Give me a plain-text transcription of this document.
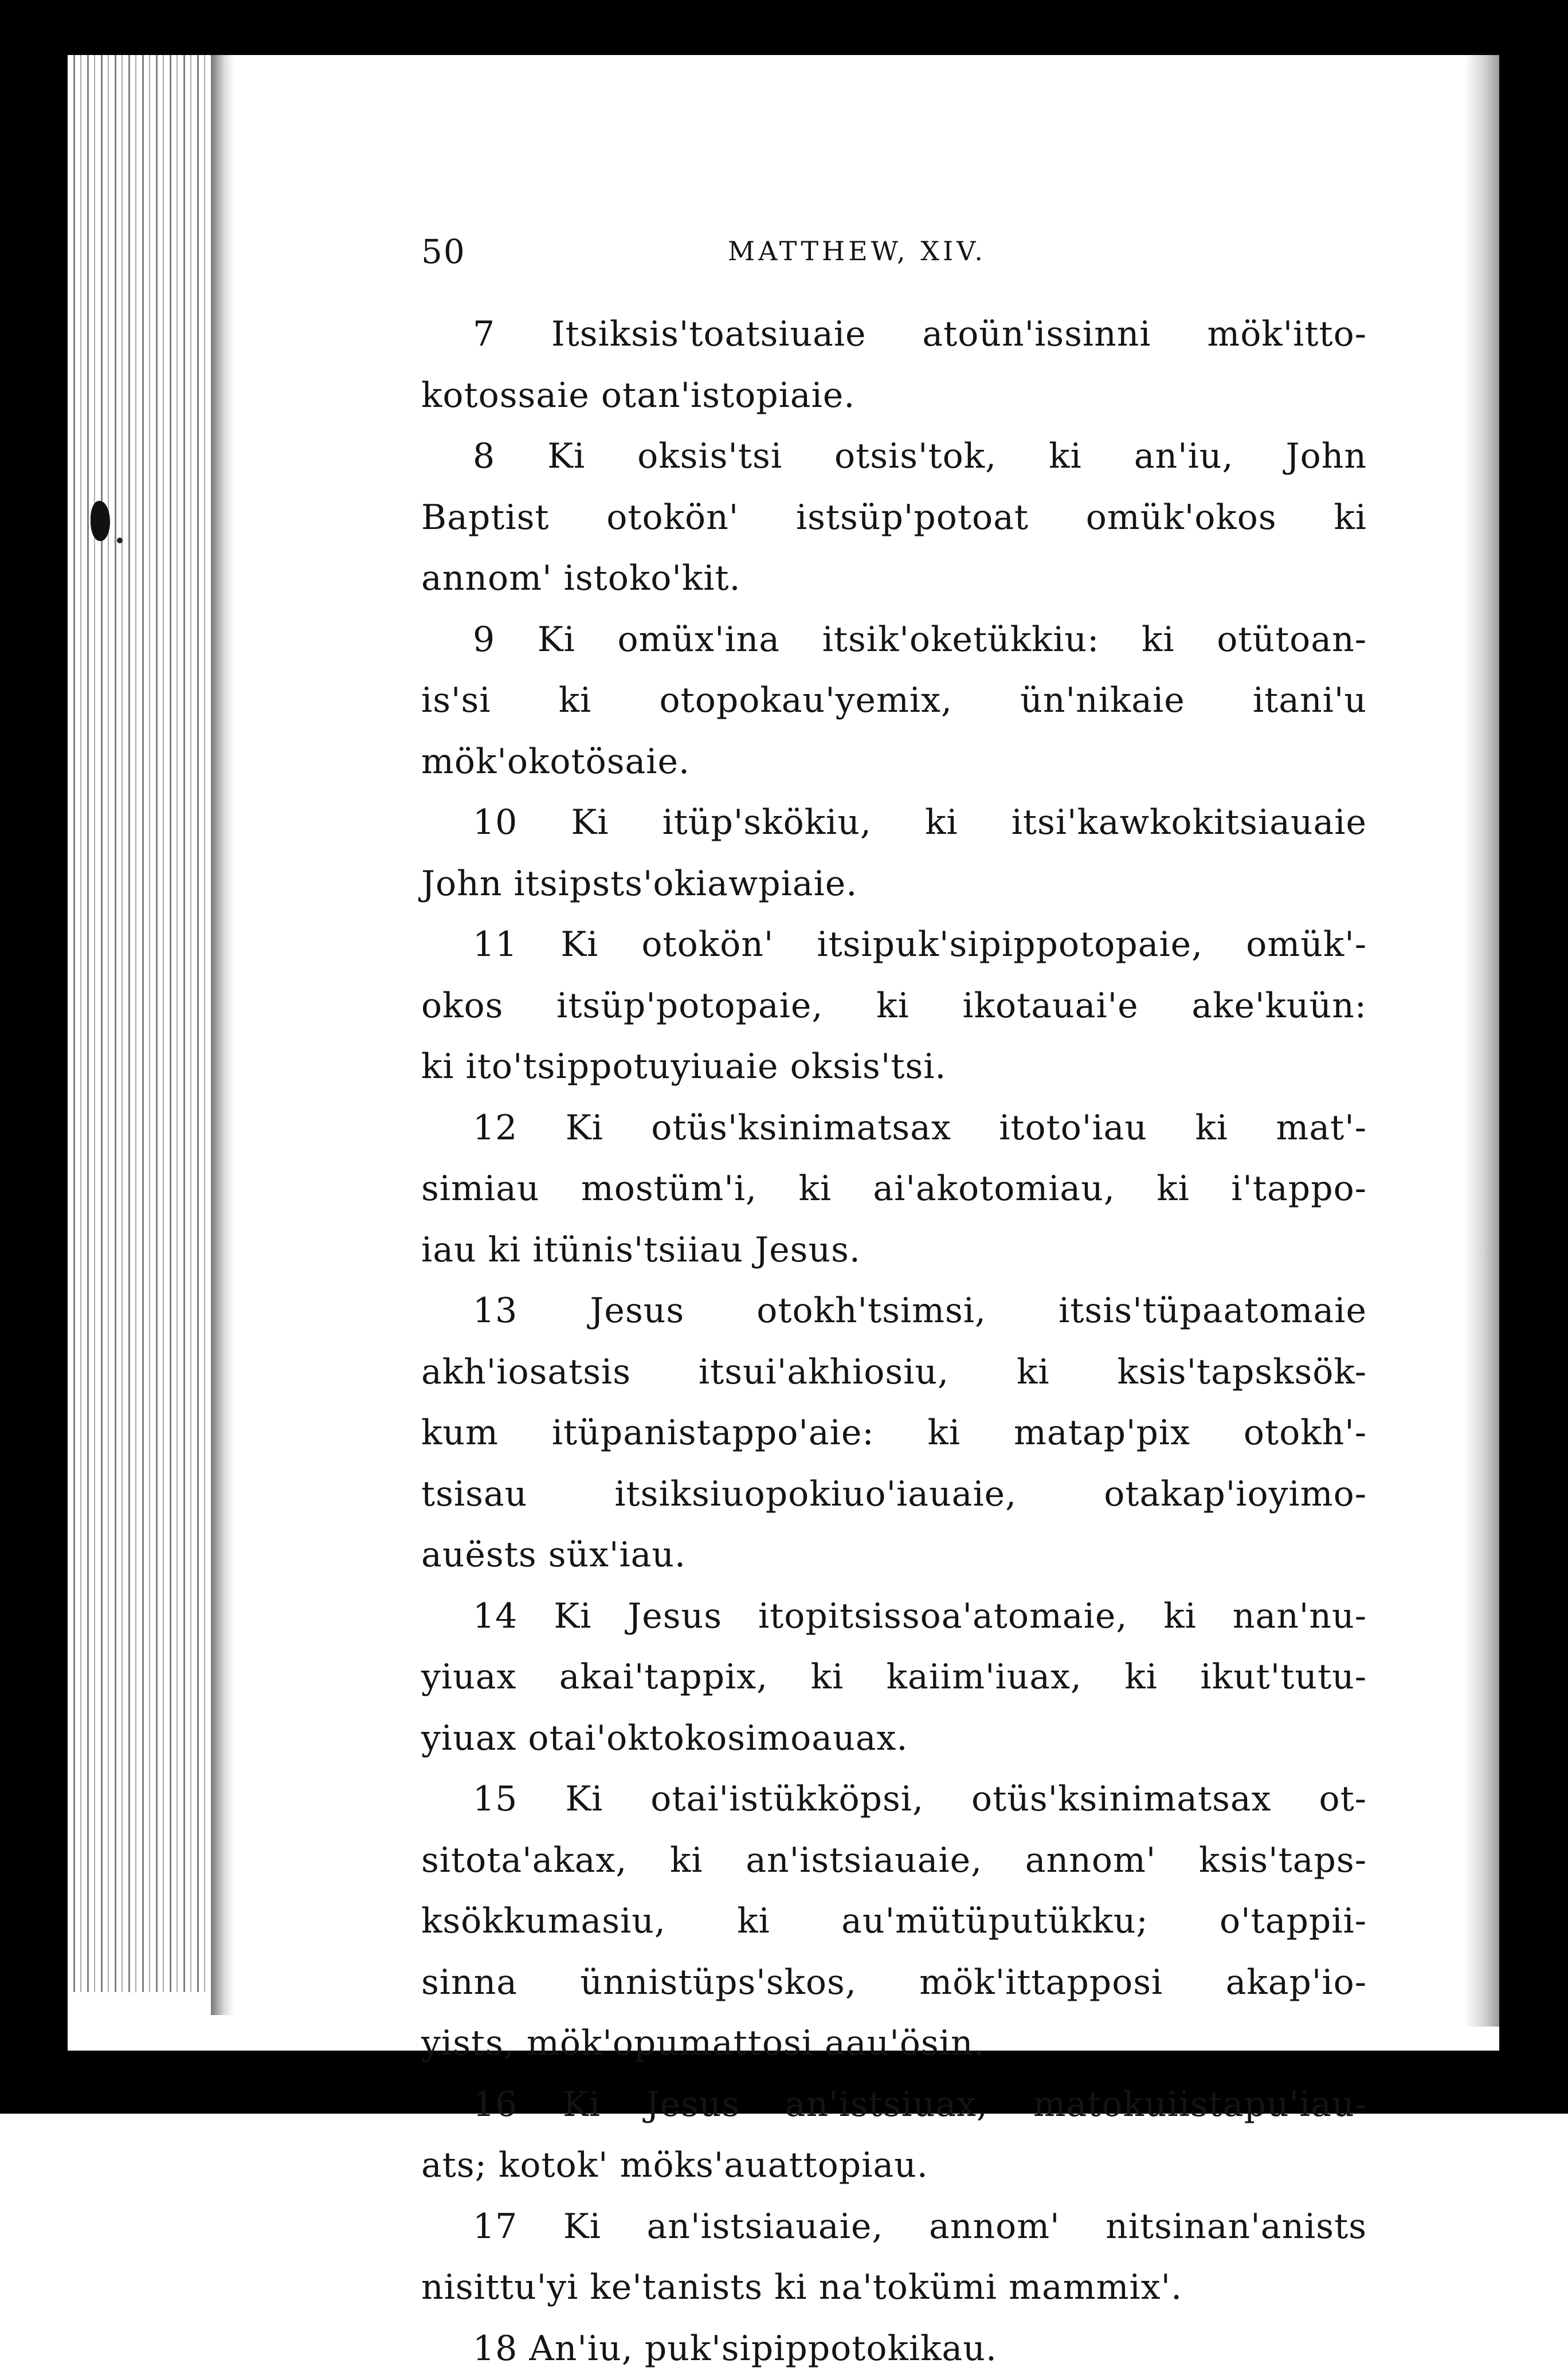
50	MATTHEW, XIV.
7 Itsiksis'toatsiuaie atoün'issinni mök'itto-
kotossaie otan'istopiaie.
8 Ki oksis'tsi otsis'tok, ki an'iu, John
Baptist otokön' istsüp'potoat omük'okos ki
annom' istoko'kit.
9 Ki omüx'ina itsik'oketükkiu: ki otütoan-
is'si ki otopokau'yemix, ün'nikaie itani'u
mök'okotösaie.
10 Ki itüp'skökiu, ki itsi'kawkokitsiauaie
John itsipsts'okiawpiaie.
11 Ki otokön' itsipuk'sipippotopaie, omük'-
okos itsüp'potopaie, ki ikotauai'e ake'kuün:
ki ito'tsippotuyiuaie oksis'tsi.
12 Ki otüs'ksinimatsax itoto'iau ki mat'-
simiau mostüm'i, ki ai'akotomiau, ki i'tappo-
iau ki itünis'tsiiau Jesus.
13 Jesus otokh'tsimsi, itsis'tüpaatomaie
akh'iosatsis itsui'akhiosiu, ki ksis'tapsksök-
kum itüpanistappo'aie: ki matap'pix otokh'-
tsisau itsiksiuopokiuo'iauaie, otakap'ioyimo-
auësts süx'iau.
14 Ki Jesus itopitsissoa'atomaie, ki nan'nu-
yiuax akai'tappix, ki kaiim'iuax, ki ikut'tutu-
yiuax otai'oktokosimoauax.
15 Ki otai'istükköpsi, otüs'ksinimatsax ot-
sitota'akax, ki an'istsiauaie, annom' ksis'taps-
ksökkumasiu, ki au'mütüputükku; o'tappii-
sinna ünnistüps'skos, mök'ittapposi akap'io-
yists, mök'opumattosi aau'ösin.
16 Ki Jesus an'istsiuax, matokuiistapu'iau-
ats; kotok' möks'auattopiau.
17 Ki an'istsiauaie, annom' nitsinan'anists
nisittu'yi ke'tanists ki na'tokümi mammix'.
18 An'iu, puk'sipippotokikau.
